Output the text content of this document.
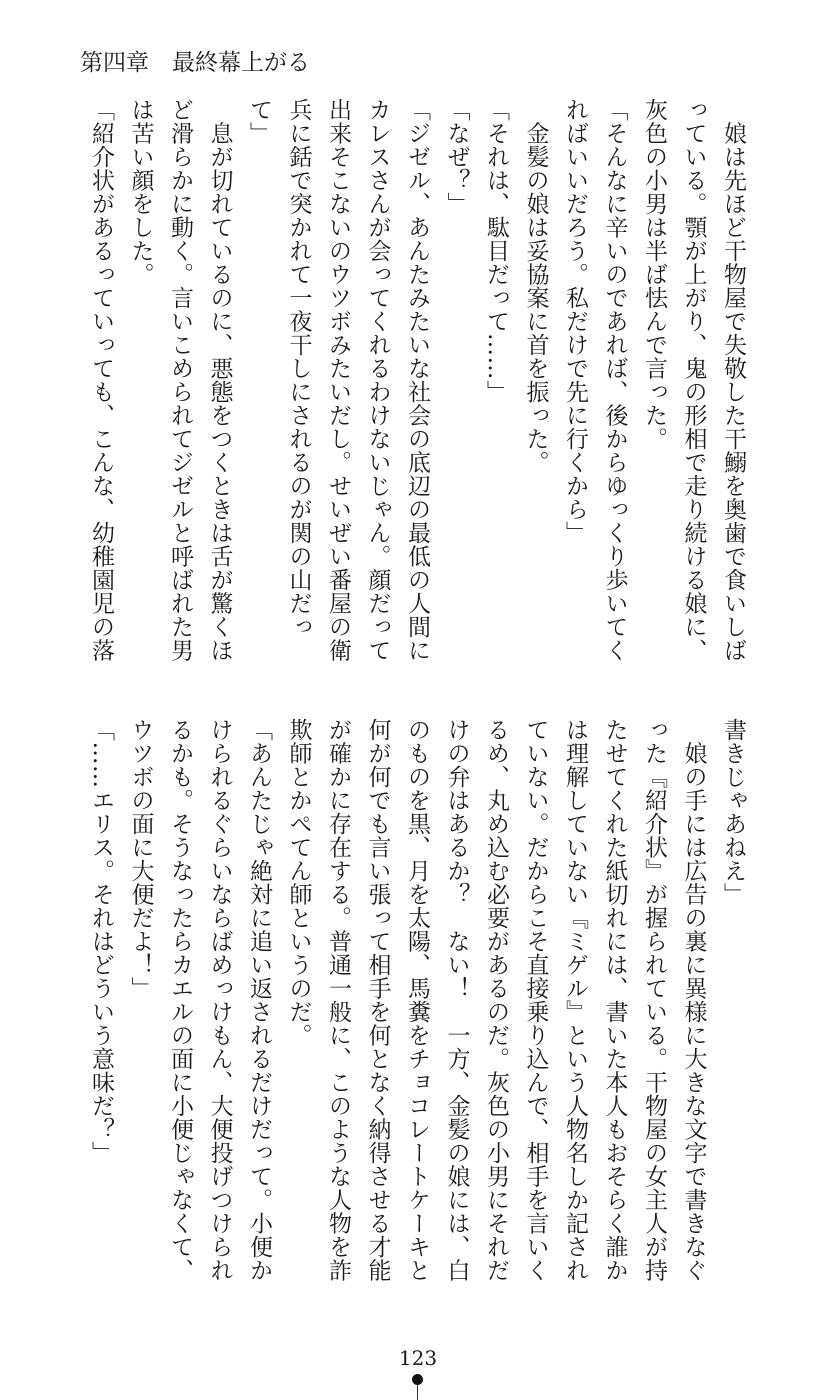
第四章　最終幕上がる
　娘は先ほど干物屋で失敬した干鰯を奥歯で食いしば
っている。顎が上がり、鬼の形相で走り続ける娘に、
灰色の小男は半ば怯んで言った。
「そんなに辛いのであれば、後からゆっくり歩いてく
ればいいだろう。私だけで先に行くから」
　金髪の娘は妥協案に首を振った。
「それは、駄目だって……」
「なぜ？」
「ジゼル、あんたみたいな社会の底辺の最低の人間に
カレスさんが会ってくれるわけないじゃん。顔だって
出来そこないのウツボみたいだし。せいぜい番屋の衛
兵に銛で突かれて一夜干しにされるのが関の山だっ
て」
　息が切れているのに、悪態をつくときは舌が驚くほ
ど滑らかに動く。言いこめられてジゼルと呼ばれた男
は苦い顔をした。
「紹介状があるっていっても、こんな、幼稚園児の落
書きじゃあねえ」
　娘の手には広告の裏に異様に大きな文字で書きなぐ
った『紹介状』が握られている。干物屋の女主人が持
たせてくれた紙切れには、書いた本人もおそらく誰か
は理解していない『ミゲル』という人物名しか記され
ていない。だからこそ直接乗り込んで、相手を言いく
るめ、丸め込む必要があるのだ。灰色の小男にそれだ
けの弁はあるか？　ない！　一方、金髪の娘には、白
のものを黒、月を太陽、馬糞をチョコレートケーキと
何が何でも言い張って相手を何となく納得させる才能
が確かに存在する。普通一般に、このような人物を詐
欺師とかぺてん師というのだ。
「あんたじゃ絶対に追い返されるだけだって。小便か
けられるぐらいならばめっけもん、大便投げつけられ
るかも。そうなったらカエルの面に小便じゃなくて、
ウツボの面に大便だよ！」
「……エリス。それはどういう意味だ？」
123
